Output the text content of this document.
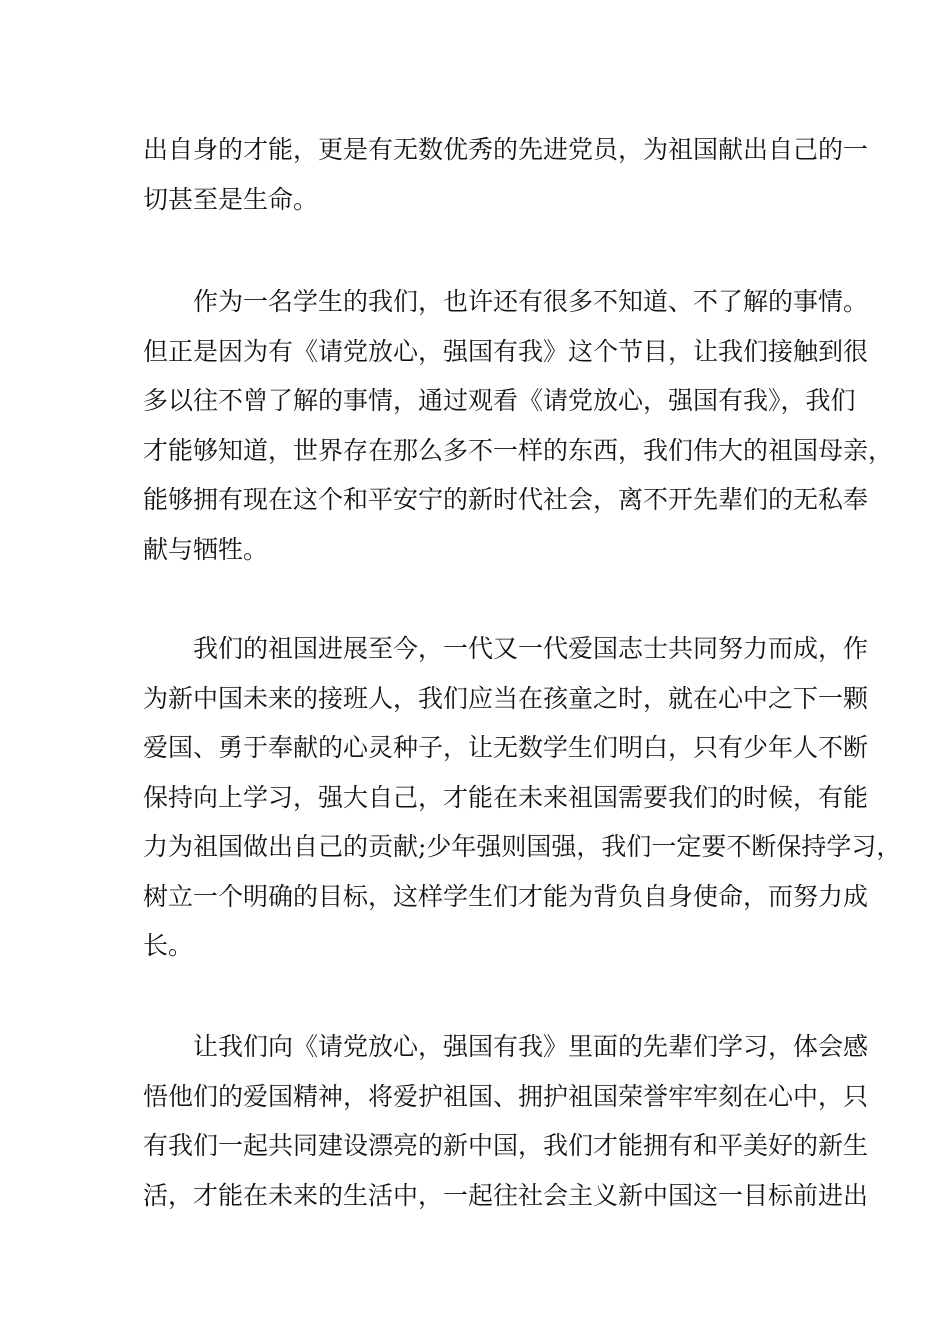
出自身的才能，更是有无数优秀的先进党员，为祖国献出自己的一
切甚至是生命。
作为一名学生的我们，也许还有很多不知道、不了解的事情。
但正是因为有《请党放心，强国有我》这个节目，让我们接触到很
多以往不曾了解的事情，通过观看《请党放心，强国有我》，我们
才能够知道，世界存在那么多不一样的东西，我们伟大的祖国母亲，
能够拥有现在这个和平安宁的新时代社会，离不开先辈们的无私奉
献与牺牲。
我们的祖国进展至今，一代又一代爱国志士共同努力而成，作
为新中国未来的接班人，我们应当在孩童之时，就在心中之下一颗
爱国、勇于奉献的心灵种子，让无数学生们明白，只有少年人不断
保持向上学习，强大自己，才能在未来祖国需要我们的时候，有能
力为祖国做出自己的贡献;少年强则国强，我们一定要不断保持学习，
树立一个明确的目标，这样学生们才能为背负自身使命，而努力成
长。
让我们向《请党放心，强国有我》里面的先辈们学习，体会感
悟他们的爱国精神，将爱护祖国、拥护祖国荣誉牢牢刻在心中，只
有我们一起共同建设漂亮的新中国，我们才能拥有和平美好的新生
活，才能在未来的生活中，一起往社会主义新中国这一目标前进出
